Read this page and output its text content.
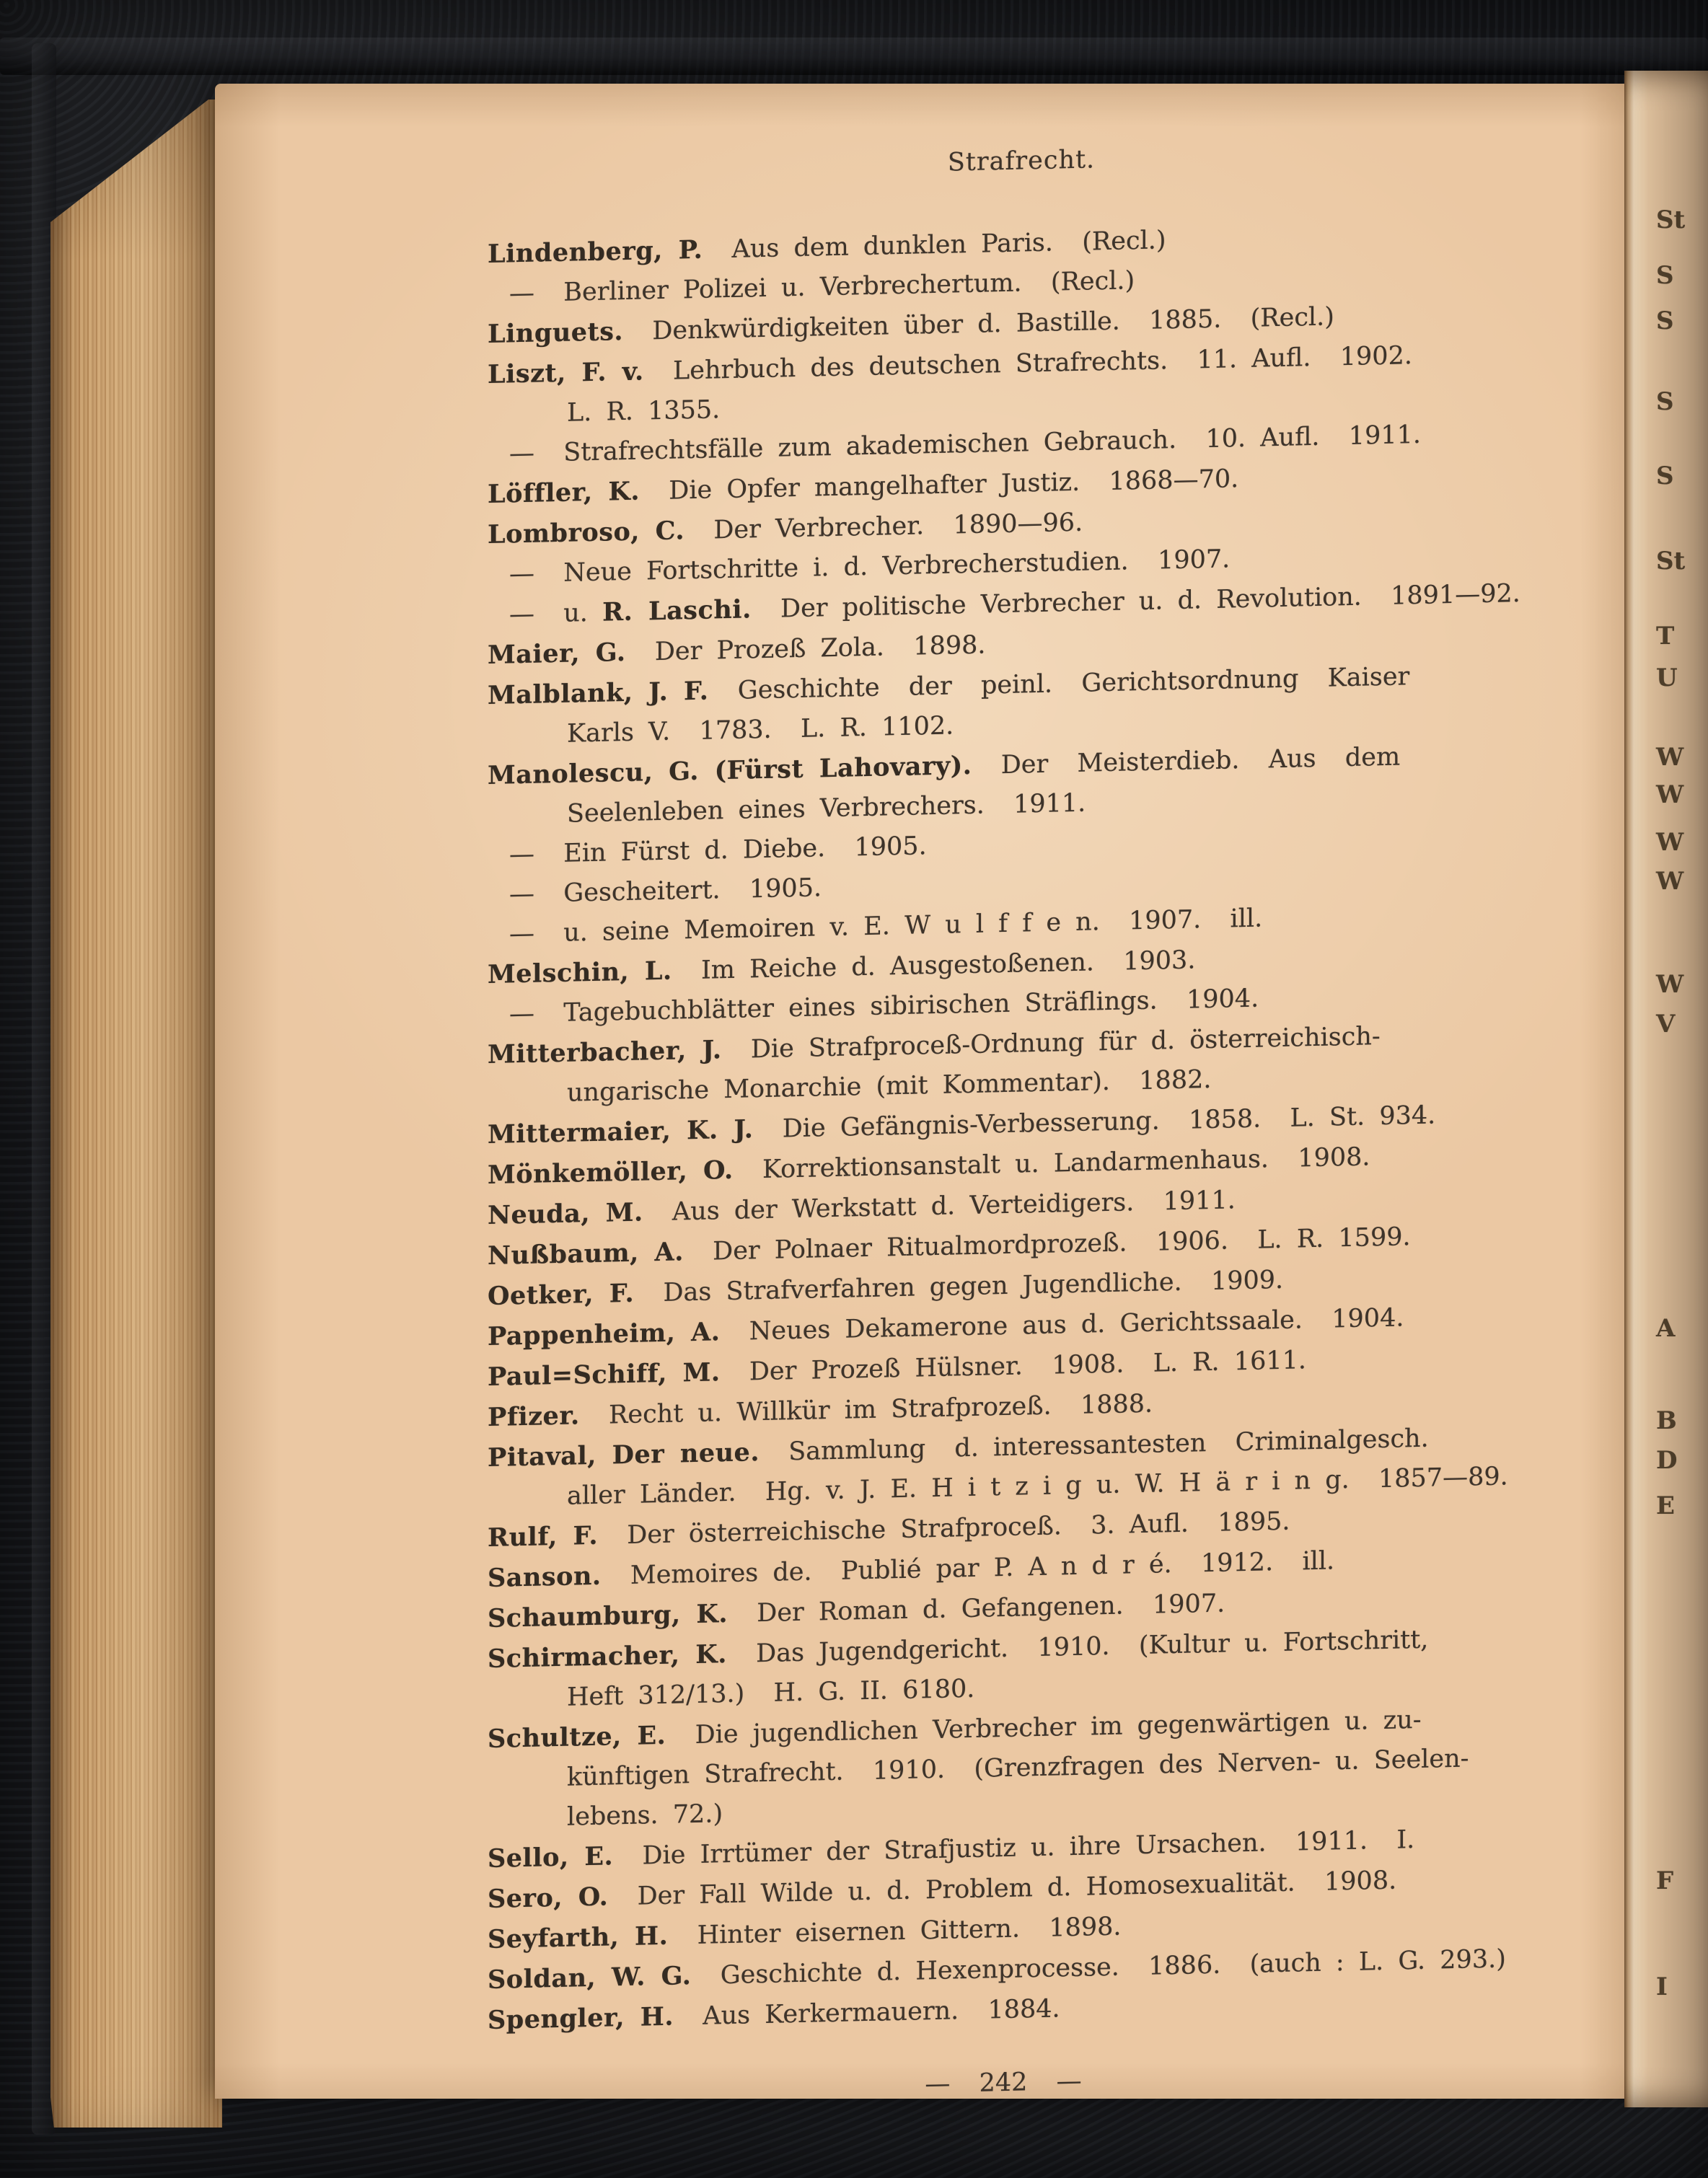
Strafrecht.
Lindenberg, P. Aus dem dunklen Paris.  (Recl.)
— Berliner Polizei u. Verbrechertum.  (Recl.)
Linguets. Denkwürdigkeiten über d. Bastille.  1885.  (Recl.)
Liszt, F. v. Lehrbuch des deutschen Strafrechts.  11. Aufl.  1902.
L. R. 1355.
— Strafrechtsfälle zum akademischen Gebrauch.  10. Aufl.  1911.
Löffler, K. Die Opfer mangelhafter Justiz.  1868—70.
Lombroso, C. Der Verbrecher.  1890—96.
— Neue Fortschritte i. d. Verbrecherstudien.  1907.
— u. R. Laschi. Der politische Verbrecher u. d. Revolution.  1891—92.
Maier, G. Der Prozeß Zola.  1898.
Malblank, J. F. Geschichte  der  peinl.  Gerichtsordnung  Kaiser
Karls V.  1783.  L. R. 1102.
Manolescu, G. (Fürst Lahovary). Der  Meisterdieb.  Aus  dem
Seelenleben eines Verbrechers.  1911.
— Ein Fürst d. Diebe.  1905.
— Gescheitert.  1905.
— u. seine Memoiren v. E. W u l f f e n.  1907.  ill.
Melschin, L. Im Reiche d. Ausgestoßenen.  1903.
— Tagebuchblätter eines sibirischen Sträflings.  1904.
Mitterbacher, J. Die Strafproceß-Ordnung für d. österreichisch-
ungarische Monarchie (mit Kommentar).  1882.
Mittermaier, K. J. Die Gefängnis-Verbesserung.  1858.  L. St. 934.
Mönkemöller, O. Korrektionsanstalt u. Landarmenhaus.  1908.
Neuda, M. Aus der Werkstatt d. Verteidigers.  1911.
Nußbaum, A. Der Polnaer Ritualmordprozeß.  1906.  L. R. 1599.
Oetker, F. Das Strafverfahren gegen Jugendliche.  1909.
Pappenheim, A. Neues Dekamerone aus d. Gerichtssaale.  1904.
Paul=Schiff, M. Der Prozeß Hülsner.  1908.  L. R. 1611.
Pfizer. Recht u. Willkür im Strafprozeß.  1888.
Pitaval, Der neue. Sammlung  d. interessantesten  Criminalgesch.
aller Länder.  Hg. v. J. E. H i t z i g u. W. H ä r i n g.  1857—89.
Rulf, F. Der österreichische Strafproceß.  3. Aufl.  1895.
Sanson. Memoires de.  Publié par P. A n d r é.  1912.  ill.
Schaumburg, K. Der Roman d. Gefangenen.  1907.
Schirmacher, K. Das Jugendgericht.  1910.  (Kultur u. Fortschritt,
Heft 312/13.)  H. G. II. 6180.
Schultze, E. Die jugendlichen Verbrecher im gegenwärtigen u. zu-
künftigen Strafrecht.  1910.  (Grenzfragen des Nerven- u. Seelen-
lebens. 72.)
Sello, E. Die Irrtümer der Strafjustiz u. ihre Ursachen.  1911.  I.
Sero, O. Der Fall Wilde u. d. Problem d. Homosexualität.  1908.
Seyfarth, H. Hinter eisernen Gittern.  1898.
Soldan, W. G. Geschichte d. Hexenprocesse.  1886.  (auch : L. G. 293.)
Spengler, H. Aus Kerkermauern.  1884.
—  242  —
St
S
S
S
S
St
T
U
W
W
W
W
W
V
A
B
D
E
F
I
